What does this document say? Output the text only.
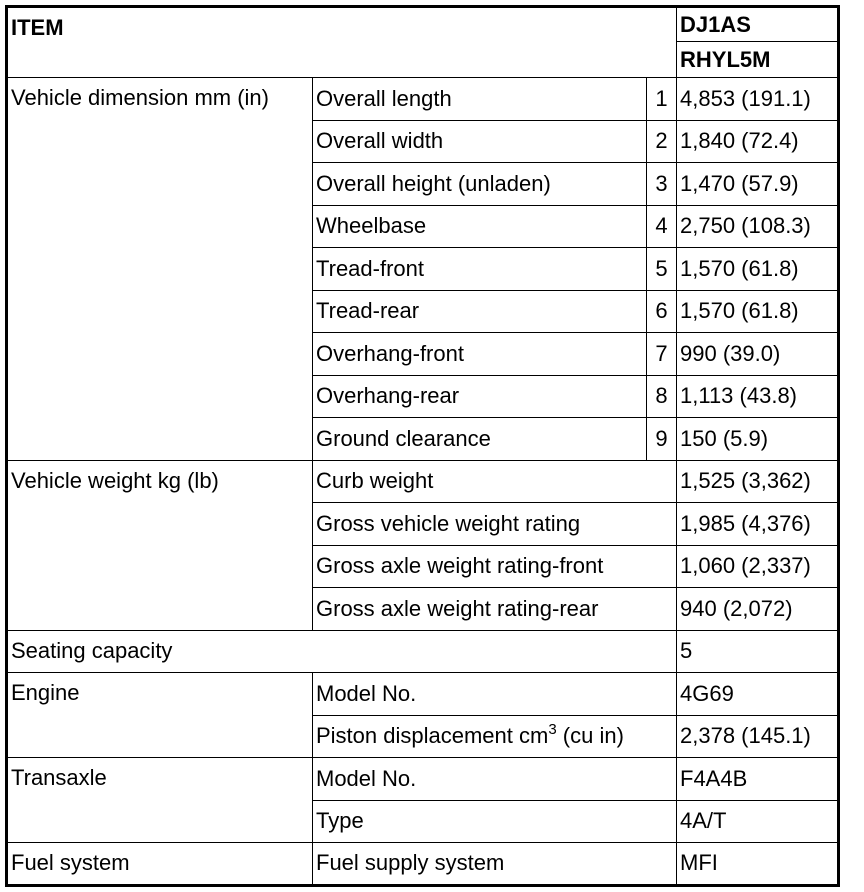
ITEM			DJ1AS
			RHYL5M
Vehicle dimension mm (in)	Overall length	1	4,853 (191.1)
	Overall width	2	1,840 (72.4)
	Overall height (unladen)	3	1,470 (57.9)
	Wheelbase	4	2,750 (108.3)
	Tread-front	5	1,570 (61.8)
	Tread-rear	6	1,570 (61.8)
	Overhang-front	7	990 (39.0)
	Overhang-rear	8	1,113 (43.8)
	Ground clearance	9	150 (5.9)
Vehicle weight kg (lb)	Curb weight		1,525 (3,362)
	Gross vehicle weight rating		1,985 (4,376)
	Gross axle weight rating-front		1,060 (2,337)
	Gross axle weight rating-rear		940 (2,072)
Seating capacity			5
Engine	Model No.		4G69
	Piston displacement $cm^3$ (cu in)		2,378 (145.1)
Transaxle	Model No.		F4A4B
	Type		4A/T
Fuel system	Fuel supply system		MFI
